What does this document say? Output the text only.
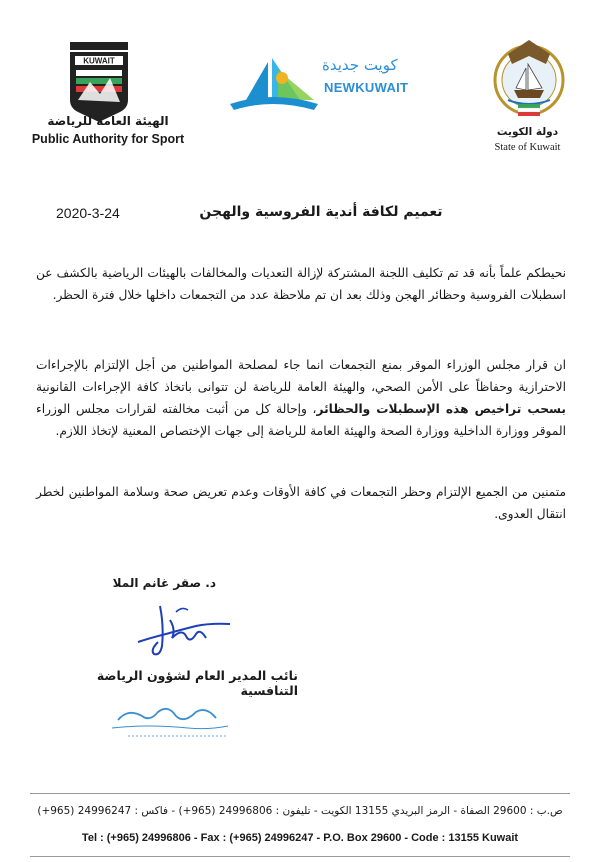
KUWAIT
الهيئة العامة للرياضة
Public Authority for Sport
كويت جديدة
NEWKUWAIT
دولة الكويت
State of Kuwait
2020-3-24	تعميم لكافة أندية الفروسية والهجن
نحيطكم علماً بأنه قد تم تكليف اللجنة المشتركة لإزالة التعديات والمخالفات بالهيئات الرياضية بالكشف عن اسطبلات الفروسية وحظائر الهجن وذلك بعد ان تم ملاحظة عدد من التجمعات داخلها خلال فترة الحظر.
ان قرار مجلس الوزراء الموقر بمنع التجمعات انما جاء لمصلحة المواطنين من أجل الإلتزام بالإجراءات الاحترازية وحفاظاً على الأمن الصحي، والهيئة العامة للرياضة لن تتوانى باتخاذ كافة الإجراءات القانونية بسحب تراخيص هذه الإسطبلات والحظائر، وإحالة كل من أثبت مخالفته لقرارات مجلس الوزراء الموقر ووزارة الداخلية ووزارة الصحة والهيئة العامة للرياضة إلى جهات الإختصاص المعنية لإتخاذ اللازم.
متمنين من الجميع الإلتزام وحظر التجمعات في كافة الأوقات وعدم تعريض صحة وسلامة المواطنين لخطر انتقال العدوى.
د. صقر غانم الملا
نائب المدير العام لشؤون الرياضة التنافسية
ص.ب : 29600 الصفاة - الرمز البريدي 13155 الكويت - تليفون : 24996806 (965+) - فاكس : 24996247 (965+)
Tel : (+965) 24996806 - Fax : (+965) 24996247 - P.O. Box 29600 - Code : 13155 Kuwait
